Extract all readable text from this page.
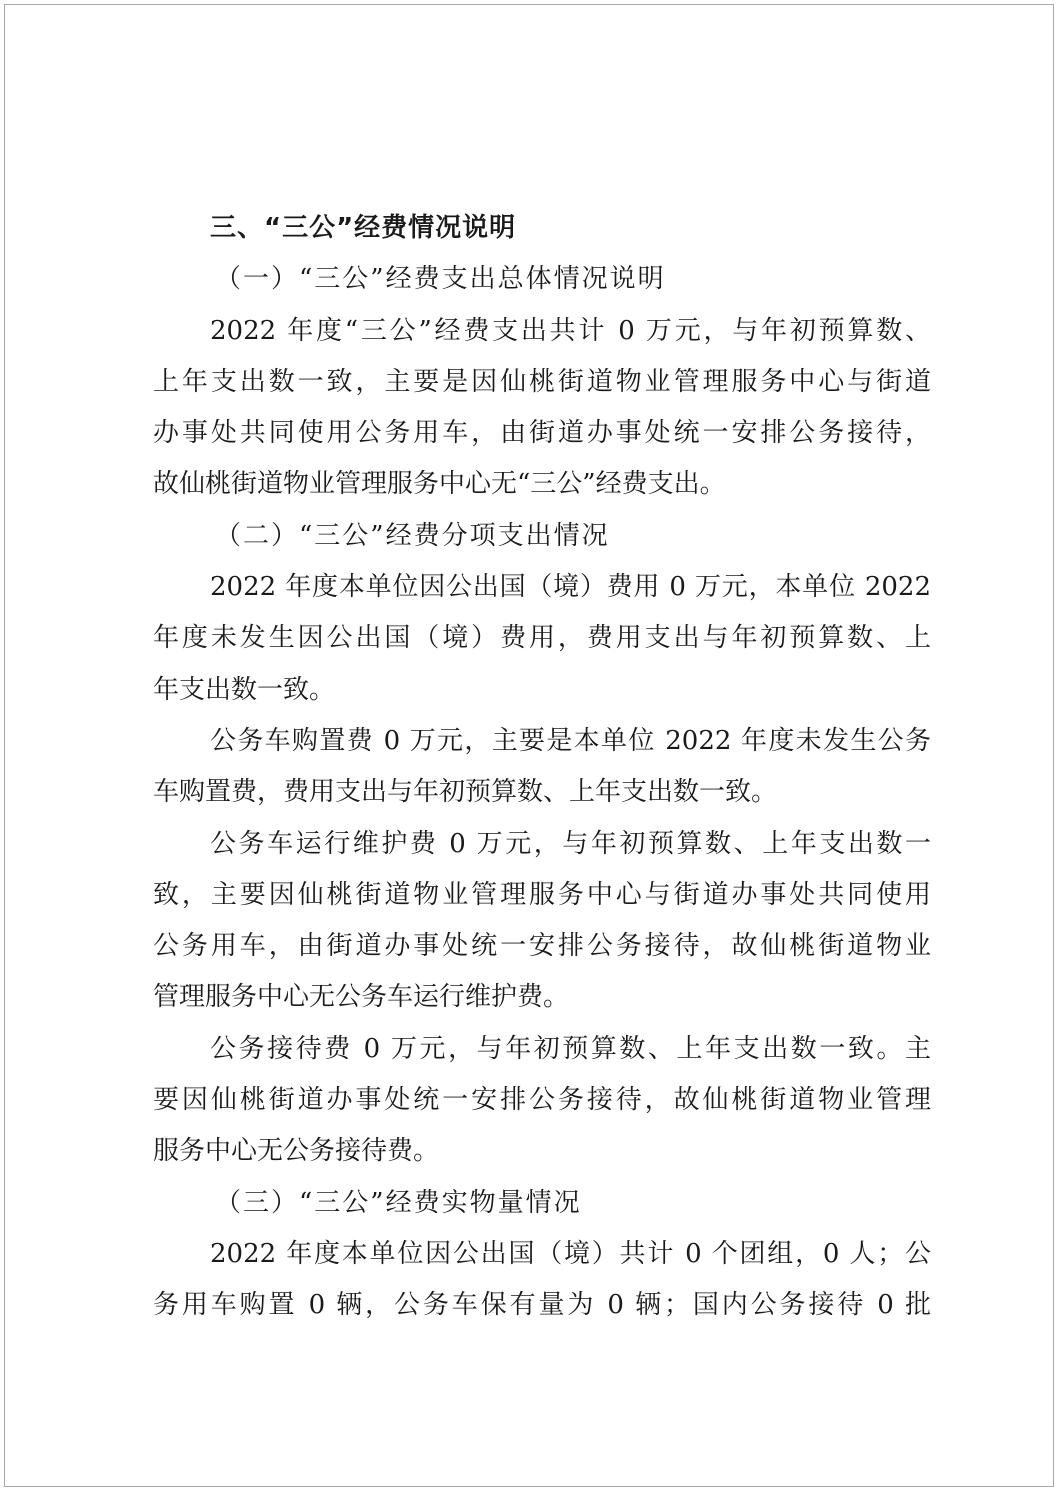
三、“三公”经费情况说明
（一）“三公”经费支出总体情况说明
2022 年度“三公”经费支出共计 0 万元，与年初预算数、
上年支出数一致，主要是因仙桃街道物业管理服务中心与街道
办事处共同使用公务用车，由街道办事处统一安排公务接待，
故仙桃街道物业管理服务中心无“三公”经费支出。
（二）“三公”经费分项支出情况
2022 年度本单位因公出国（境）费用 0 万元，本单位 2022
年度未发生因公出国（境）费用，费用支出与年初预算数、上
年支出数一致。
公务车购置费 0 万元，主要是本单位 2022 年度未发生公务
车购置费，费用支出与年初预算数、上年支出数一致。
公务车运行维护费 0 万元，与年初预算数、上年支出数一
致，主要因仙桃街道物业管理服务中心与街道办事处共同使用
公务用车，由街道办事处统一安排公务接待，故仙桃街道物业
管理服务中心无公务车运行维护费。
公务接待费 0 万元，与年初预算数、上年支出数一致。主
要因仙桃街道办事处统一安排公务接待，故仙桃街道物业管理
服务中心无公务接待费。
（三）“三公”经费实物量情况
2022 年度本单位因公出国（境）共计 0 个团组，0 人；公
务用车购置 0 辆，公务车保有量为 0 辆；国内公务接待 0 批
